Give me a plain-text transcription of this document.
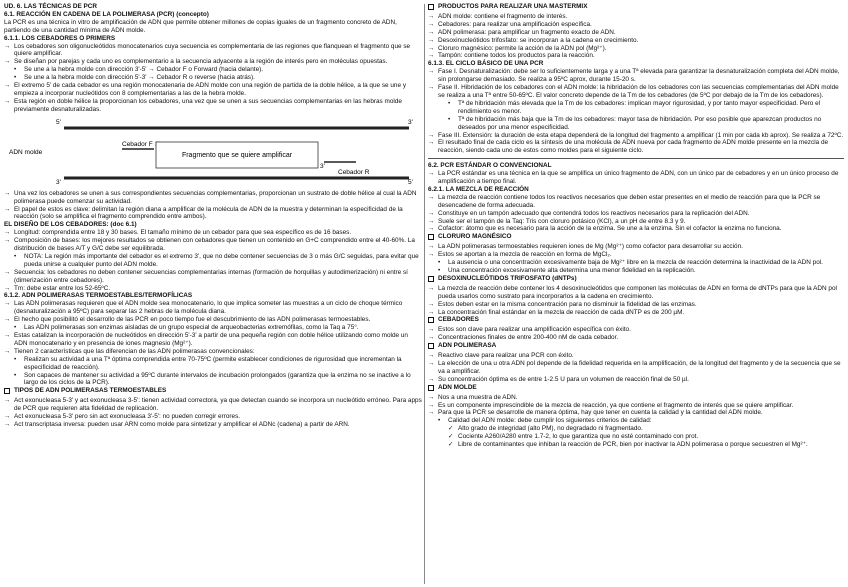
UD. 6. LAS TÉCNICAS DE PCR
6.1. REACCIÓN EN CADENA DE LA POLIMERASA (PCR) (concepto)
La PCR es una técnica in vitro de amplificación de ADN que permite obtener millones de copias iguales de un fragmento concreto de ADN, partiendo de una cantidad mínima de ADN molde.
6.1.1. LOS CEBADORES O PRIMERS
→ Los cebadores son oligonucleótidos monocatenarios cuya secuencia es complementaria de las regiones que flanquean el fragmento que se quiere amplificar.
→ Se diseñan por parejas y cada uno es complementario a la secuencia adyacente a la región de interés pero en moléculas opuestas.
•	Se une a la hebra molde con dirección 3'-5' → Cebador F o Forward (hacia delante).
•	Se une a la hebra molde con dirección 5'-3' → Cebador R o reverse (hacia atrás).
→ El extremo 5' de cada cebador es una región monocatenaria de ADN molde con una región de partida de la doble hélice, a la que se une y empieza a incorporar nucleótidos con 8 complementarias a las de la hebra molde.
→ Esta región en doble hélice la proporcionan los cebadores, una vez que se unen a sus secuencias complementarias en las hebras molde previamente desnaturalizadas.
5'	3'
ADN molde
Cebador F
Fragmento que se quiere amplificar
3'
Cebador R
3'	5'
→ Una vez los cebadores se unen a sus correspondientes secuencias complementarias, proporcionan un sustrato de doble hélice al cual la ADN polimerasa puede comenzar su actividad.
→ El papel de estos es clave: delimitan la región diana a amplificar de la molécula de ADN de la muestra y determinan la especificidad de la reacción (solo se amplifica el fragmento comprendido entre ambos).
EL DISEÑO DE LOS CEBADORES: (doc 6.1)
→ Longitud: comprendida entre 18 y 30 bases. El tamaño mínimo de un cebador para que sea específico es de 16 bases.
→ Composición de bases: los mejores resultados se obtienen con cebadores que tienen un contenido en G+C comprendido entre el 40-60%. La distribución de bases A/T y G/C debe ser equilibrada.
•	NOTA: La región más importante del cebador es el extremo 3', que no debe contener secuencias de 3 o más G/C seguidas, para evitar que pueda unirse a cualquier punto del ADN molde.
→ Secuencia: los cebadores no deben contener secuencias complementarias internas (formación de horquillas y autodimerización) ni entre sí (dimerización entre cebadores).
→ Tm: debe estar entre los 52-65ºC.
6.1.2. ADN POLIMERASAS TERMOESTABLES/TERMOFÍLICAS
→ Las ADN polimerasas requieren que el ADN molde sea monocatenario, lo que implica someter las muestras a un ciclo de choque térmico (desnaturalización a 95ºC) para separar las 2 hebras de la molécula diana.
→ El hecho que posibilitó el desarrollo de las PCR en poco tiempo fue el descubrimiento de las ADN polimerasas termoestables.
•	Las ADN polimerasas son enzimas aisladas de un grupo especial de arqueobacterias extremófilas, como la Taq a 75°.
→ Estas catalizan la incorporación de nucleótidos en dirección 5'-3' a partir de una pequeña región con doble hélice utilizando como molde un ADN monocatenario y en presencia de iones magnesio (Mg²⁺).
→ Tienen 2 características que las diferencian de las ADN polimerasas convencionales:
•	Realizan su actividad a una Tª óptima comprendida entre 70-75ºC (permite establecer condiciones de rigurosidad que incrementan la especificidad de reacción).
•	Son capaces de mantener su actividad a 95ºC durante intervalos de incubación prolongados (garantiza que la enzima no se inactive a lo largo de los ciclos de la PCR).
TIPOS DE ADN POLIMERASAS TERMOESTABLES
→ Act exonucleasa 5-3' y act exonucleasa 3-5': tienen actividad correctora, ya que detectan cuando se incorpora un nucleótido erróneo. Para apps de PCR que requieren alta fidelidad de replicación.
→ Act exonucleasa 5-3' pero sin act exonucleasa 3'-5': no pueden corregir errores.
→ Act transcriptasa inversa: pueden usar ARN como molde para sintetizar y amplificar el ADNc (cadena) a partir de ARN.
PRODUCTOS PARA REALIZAR UNA MASTERMIX
→ ADN molde: contiene el fragmento de interés.
→ Cebadores: para realizar una amplificación específica.
→ ADN polimerasa: para amplificar un fragmento exacto de ADN.
→ Desoxinucleótidos trifosfato: se incorporan a la cadena en crecimiento.
→ Cloruro magnésico: permite la acción de la ADN pol (Mg²⁺).
→ Tampón: contiene todos los productos para la reacción.
6.1.3. EL CICLO BÁSICO DE UNA PCR
→ Fase I. Desnaturalización: debe ser lo suficientemente larga y a una Tª elevada para garantizar la desnaturalización completa del ADN molde, sin prolongarse demasiado. Se realiza a 95ºC aprox, durante 15-20 s.
→ Fase II. Hibridación de los cebadores con el ADN molde: la hibridación de los cebadores con las secuencias complementarias del ADN molde se realiza a una Tª entre 50-65ºC. El valor concreto depende de la Tm de los cebadores (de 5ºC por debajo de la Tm de los cebadores).
•	Tª de hibridación más elevada que la Tm de los cebadores: implican mayor rigurosidad, y por tanto mayor especificidad. Pero el rendimiento es menor.
•	Tª de hibridación más baja que la Tm de los cebadores: mayor tasa de hibridación. Por eso posible que aparezcan productos no deseados por una menor especificidad.
→ Fase III. Extensión: la duración de esta etapa dependerá de la longitud del fragmento a amplificar (1 min por cada kb aprox). Se realiza a 72ºC.
→ El resultado final de cada ciclo es la síntesis de una molécula de ADN nueva por cada fragmento de ADN molde presente en la mezcla de reacción, siendo cada uno de estos como moldes para el siguiente ciclo.
6.2. PCR ESTÁNDAR O CONVENCIONAL
→ La PCR estándar es una técnica en la que se amplifica un único fragmento de ADN, con un único par de cebadores y en un único proceso de amplificación a tiempo final.
6.2.1. LA MEZCLA DE REACCIÓN
→ La mezcla de reacción contiene todos los reactivos necesarios que deben estar presentes en el medio de reacción para que la PCR se desencadene de forma adecuada.
→ Constituye en un tampón adecuado que contendrá todos los reactivos necesarios para la replicación del ADN.
→ Suele ser el tampón de la Taq: Tris con cloruro potásico (KCl), a un pH de entre 8.3 y 9.
→ Cofactor: átomo que es necesario para la acción de la enzima. Se une a la enzima. Sin el cofactor la enzima no funciona.
CLORURO MAGNÉSICO
→ La ADN polimerasas termoestables requieren iones de Mg (Mg²⁺) como cofactor para desarrollar su acción.
→ Estos se aportan a la mezcla de reacción en forma de MgCl₂.
•	La ausencia o una concentración excesivamente baja de Mg²⁺ libre en la mezcla de reacción determina la inactividad de la ADN pol.
•	Una concentración excesivamente alta determina una menor fidelidad en la replicación.
DESOXINUCLEÓTIDOS TRIFOSFATO (dNTPs)
→ La mezcla de reacción debe contener los 4 desoxinucleótidos que componen las moléculas de ADN en forma de dNTPs para que la ADN pol pueda usarlos como sustrato para incorporarlos a la cadena en crecimiento.
→ Estos deben estar en la misma concentración para no disminuir la fidelidad de las enzimas.
→ La concentración final estándar en la mezcla de reacción de cada dNTP es de 200 µM.
CEBADORES
→ Estos son clave para realizar una amplificación específica con éxito.
→ Concentraciones finales de entre 200-400 nM de cada cebador.
ADN POLIMERASA
→ Reactivo clave para realizar una PCR con éxito.
→ La elección de una u otra ADN pol depende de la fidelidad requerida en la amplificación, de la longitud del fragmento y de la secuencia que se va a amplificar.
→ Su concentración óptima es de entre 1-2.5 U para un volumen de reacción final de 50 µl.
ADN MOLDE
→ Nos a una muestra de ADN.
→ Es un componente imprescindible de la mezcla de reacción, ya que contiene el fragmento de interés que se quiere amplificar.
→ Para que la PCR se desarrolle de manera óptima, hay que tener en cuenta la calidad y la cantidad del ADN molde.
•	Calidad del ADN molde: debe cumplir los siguientes criterios de calidad:
✓ Alto grado de integridad (alto PM), no degradado ni fragmentado.
✓ Cociente A260/A280 entre 1.7-2, lo que garantiza que no esté contaminado con prot.
✓ Libre de contaminantes que inhiban la reacción de PCR, bien por inactivar la ADN polimerasa o porque secuestren el Mg²⁺.
